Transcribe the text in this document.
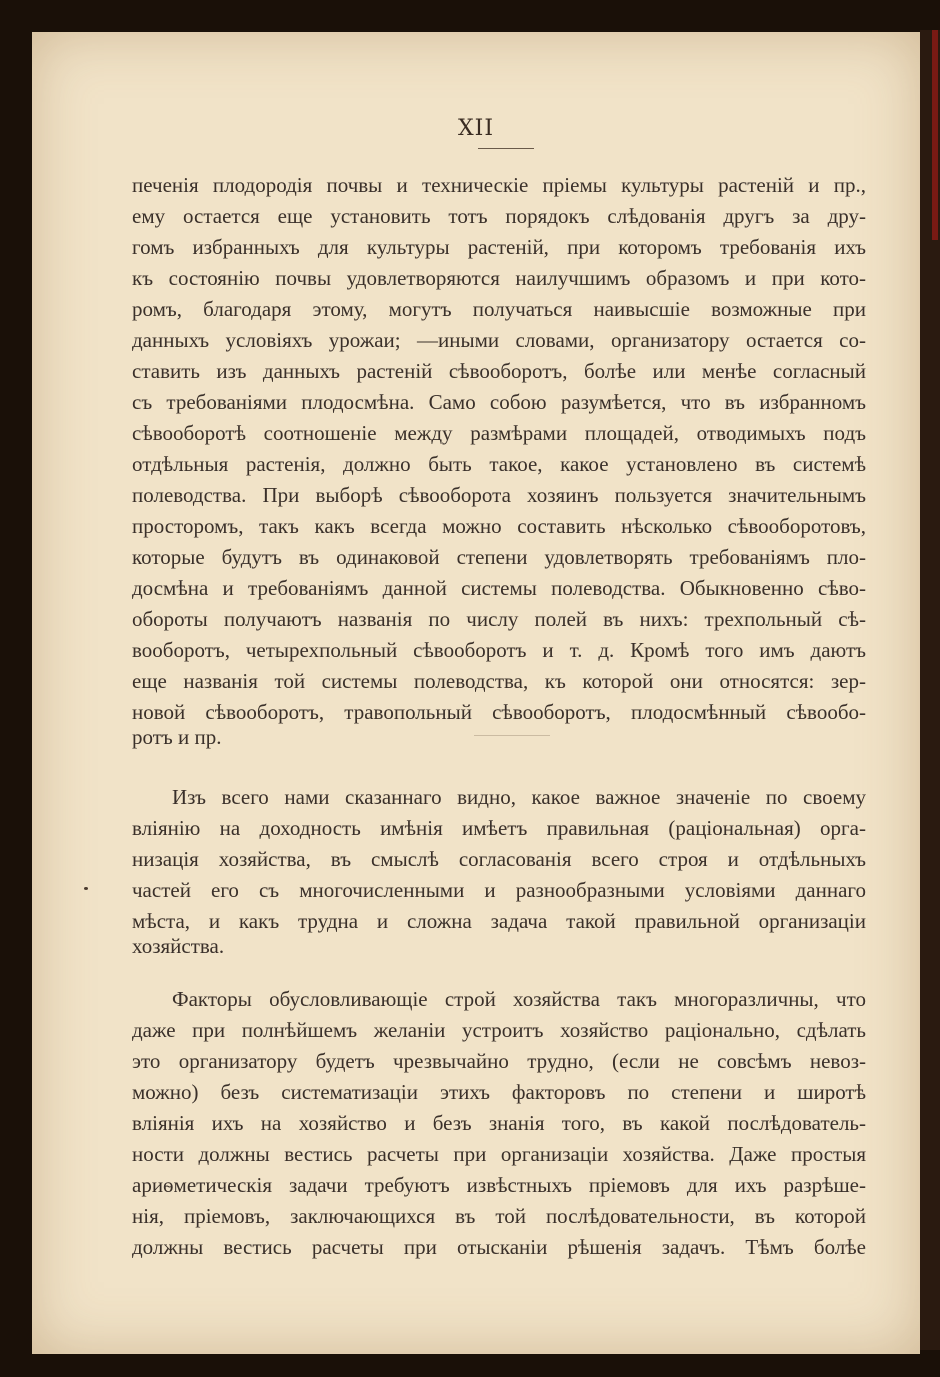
XII

печенія плодородія почвы и техническіе пріемы культуры растеній и пр.,

ему остается еще установить тотъ порядокъ слѣдованія другъ за дру-

гомъ избранныхъ для культуры растеній, при которомъ требованія ихъ

къ состоянію почвы удовлетворяются наилучшимъ образомъ и при кото-

ромъ, благодаря этому, могутъ получаться наивысшіе возможные при

данныхъ условіяхъ урожаи; —иными словами, организатору остается со-

ставить изъ данныхъ растеній сѣвооборотъ, болѣе или менѣе согласный

съ требованіями плодосмѣна. Само собою разумѣется, что въ избранномъ

сѣвооборотѣ соотношеніе между размѣрами площадей, отводимыхъ подъ

отдѣльныя растенія, должно быть такое, какое установлено въ системѣ

полеводства. При выборѣ сѣвооборота хозяинъ пользуется значительнымъ

просторомъ, такъ какъ всегда можно составить нѣсколько сѣвооборотовъ,

которые будутъ въ одинаковой степени удовлетворять требованіямъ пло-

досмѣна и требованіямъ данной системы полеводства. Обыкновенно сѣво-

обороты получаютъ названія по числу полей въ нихъ: трехпольный сѣ-

вооборотъ, четырехпольный сѣвооборотъ и т. д. Кромѣ того имъ даютъ

еще названія той системы полеводства, къ которой они относятся: зер-

новой сѣвооборотъ, травопольный сѣвооборотъ, плодосмѣнный сѣвообо-

ротъ и пр.

Изъ всего нами сказаннаго видно, какое важное значеніе по своему

вліянію на доходность имѣнія имѣетъ правильная (раціональная) орга-

низація хозяйства, въ смыслѣ согласованія всего строя и отдѣльныхъ

частей его съ многочисленными и разнообразными условіями даннаго

мѣста, и какъ трудна и сложна задача такой правильной организаціи

хозяйства.

Факторы обусловливающіе строй хозяйства такъ многоразличны, что

даже при полнѣйшемъ желаніи устроитъ хозяйство раціонально, сдѣлать

это организатору будетъ чрезвычайно трудно, (если не совсѣмъ невоз-

можно) безъ систематизаціи этихъ факторовъ по степени и широтѣ

вліянія ихъ на хозяйство и безъ знанія того, въ какой послѣдователь-

ности должны вестись расчеты при организаціи хозяйства. Даже простыя

ариѳметическія задачи требуютъ извѣстныхъ пріемовъ для ихъ разрѣше-

нія, пріемовъ, заключающихся въ той послѣдовательности, въ которой

должны вестись расчеты при отысканіи рѣшенія задачъ. Тѣмъ болѣе
